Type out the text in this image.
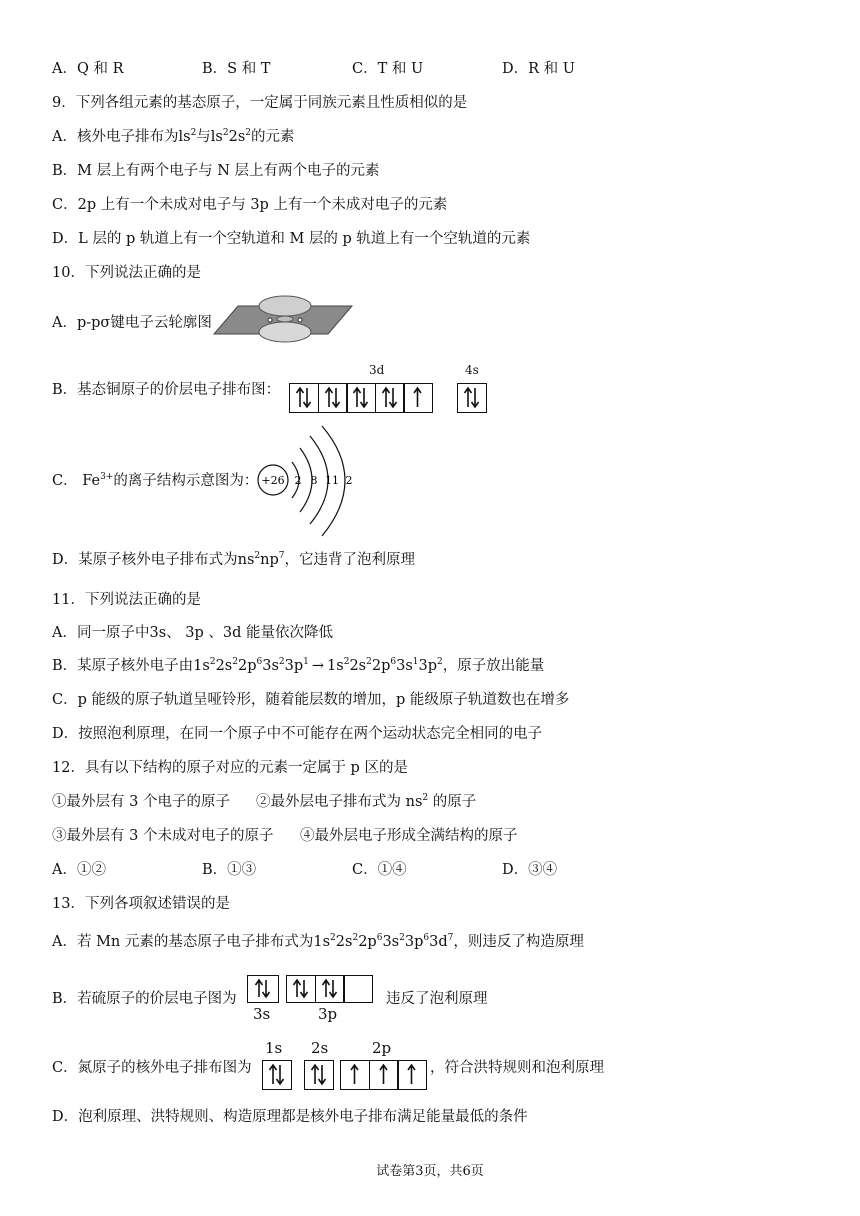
A．Q 和 R	B．S 和 T	C．T 和 U	D．R 和 U
9．下列各组元素的基态原子，一定属于同族元素且性质相似的是
A．核外电子排布为$ls^2$与$ls^22s^2$的元素
B．M 层上有两个电子与 N 层上有两个电子的元素
C．2p 上有一个未成对电子与 3p 上有一个未成对电子的元素
D．L 层的 p 轨道上有一个空轨道和 M 层的 p 轨道上有一个空轨道的元素
10．下列说法正确的是
A．p-pσ键电子云轮廓图
B．基态铜原子的价层电子排布图：
3d	4s
C． $Fe^{3+}$的离子结构示意图为： +26 2 8 11 2
D．某原子核外电子排布式为$ns^2np^7$，它违背了泡利原理
11．下列说法正确的是
A．同一原子中3s、 3p 、3d 能量依次降低
B．某原子核外电子由$1s^22s^22p^63s^23p^1 \to 1s^22s^22p^63s^13p^2$，原子放出能量
C．p 能级的原子轨道呈哑铃形，随着能层数的增加，p 能级原子轨道数也在增多
D．按照泡利原理，在同一个原子中不可能存在两个运动状态完全相同的电子
12．具有以下结构的原子对应的元素一定属于 p 区的是
①最外层有 3 个电子的原子 ②最外层电子排布式为 $ns^2$ 的原子
③最外层有 3 个未成对电子的原子 ④最外层电子形成全满结构的原子
A．①②	B．①③	C．①④	D．③④
13．下列各项叙述错误的是
A．若 Mn 元素的基态原子电子排布式为$1s^22s^22p^63s^23p^63d^7$，则违反了构造原理
B．若硫原子的价层电子图为
3s	3p
违反了泡利原理
C．氮原子的核外电子排布图为
1s 2s	2p
，符合洪特规则和泡利原理
D．泡利原理、洪特规则、构造原理都是核外电子排布满足能量最低的条件
试卷第3页，共6页
